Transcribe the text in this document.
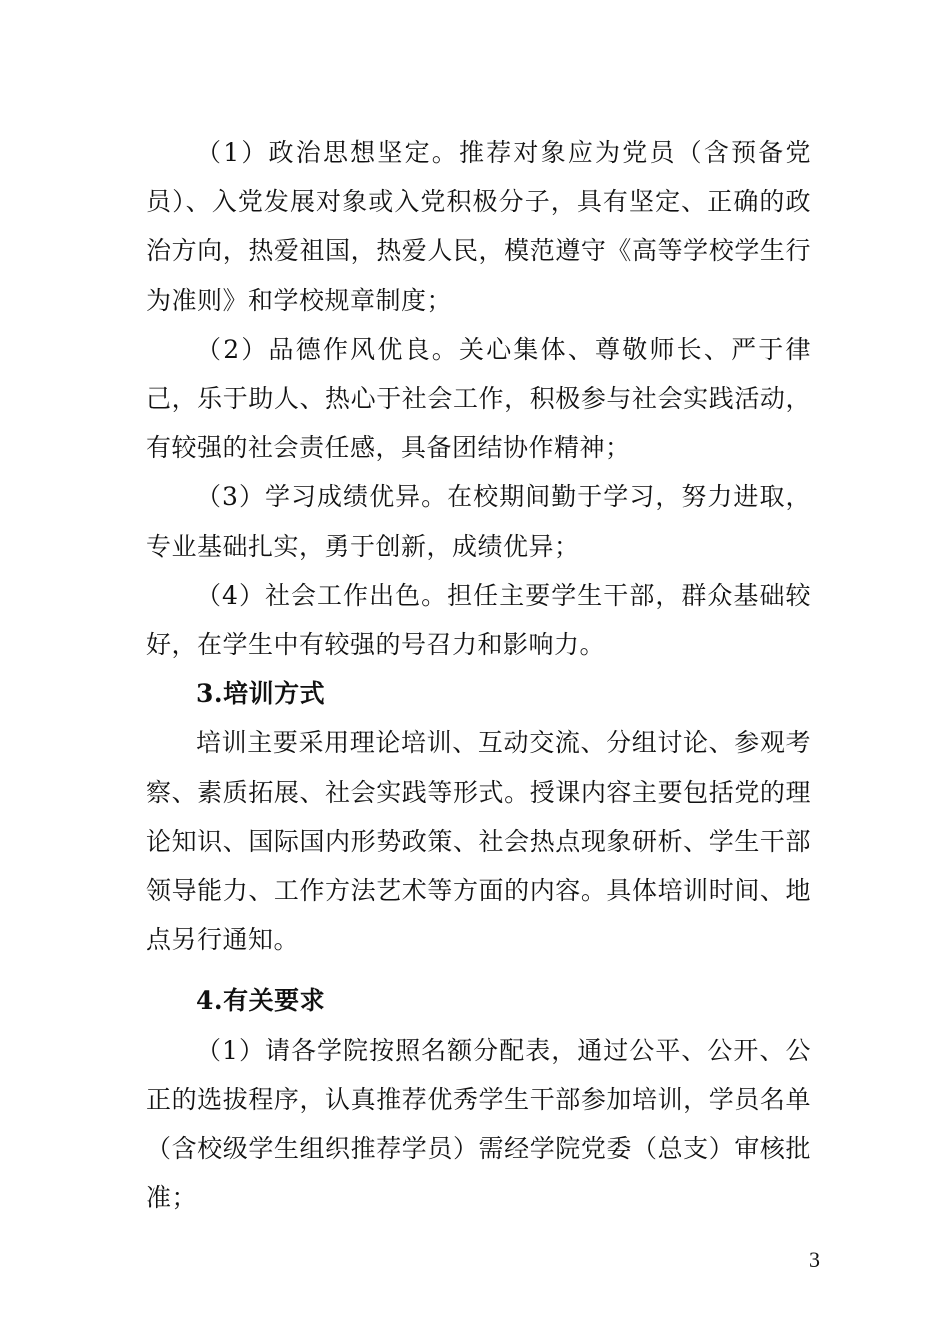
（1）政治思想坚定。推荐对象应为党员（含预备党员）、入党发展对象或入党积极分子，具有坚定、正确的政治方向，热爱祖国，热爱人民，模范遵守《高等学校学生行为准则》和学校规章制度；

（2）品德作风优良。关心集体、尊敬师长、严于律己，乐于助人、热心于社会工作，积极参与社会实践活动，有较强的社会责任感，具备团结协作精神；

（3）学习成绩优异。在校期间勤于学习，努力进取，专业基础扎实，勇于创新，成绩优异；

（4）社会工作出色。担任主要学生干部，群众基础较好，在学生中有较强的号召力和影响力。

3.培训方式

培训主要采用理论培训、互动交流、分组讨论、参观考察、素质拓展、社会实践等形式。授课内容主要包括党的理论知识、国际国内形势政策、社会热点现象研析、学生干部领导能力、工作方法艺术等方面的内容。具体培训时间、地点另行通知。

4.有关要求

（1）请各学院按照名额分配表，通过公平、公开、公正的选拔程序，认真推荐优秀学生干部参加培训，学员名单（含校级学生组织推荐学员）需经学院党委（总支）审核批准；

3
